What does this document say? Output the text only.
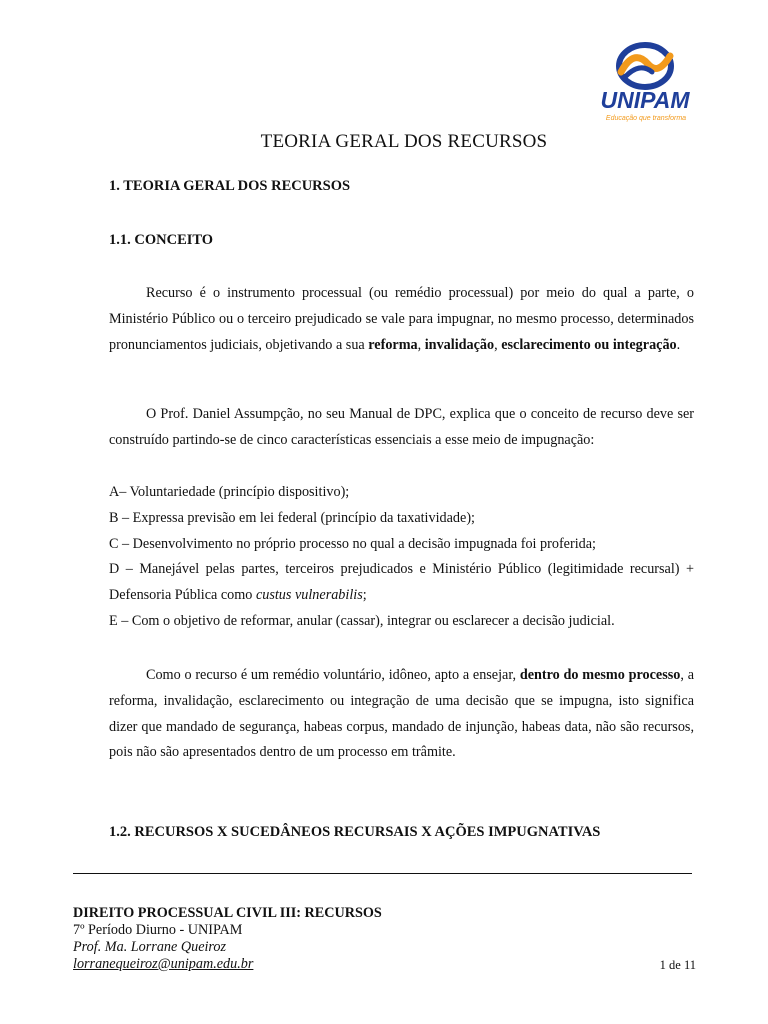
UNIPAM
Educação que transforma
TEORIA GERAL DOS RECURSOS
1. TEORIA GERAL DOS RECURSOS
1.1. CONCEITO

Recurso é o instrumento processual (ou remédio processual) por meio do qual a parte, o Ministério Público ou o terceiro prejudicado se vale para impugnar, no mesmo processo, determinados pronunciamentos judiciais, objetivando a sua reforma, invalidação, esclarecimento ou integração.

O Prof. Daniel Assumpção, no seu Manual de DPC, explica que o conceito de recurso deve ser construído partindo-se de cinco características essenciais a esse meio de impugnação:

A– Voluntariedade (princípio dispositivo);

B – Expressa previsão em lei federal (princípio da taxatividade);

C – Desenvolvimento no próprio processo no qual a decisão impugnada foi proferida;

D – Manejável pelas partes, terceiros prejudicados e Ministério Público (legitimidade recursal) + Defensoria Pública como custus vulnerabilis;

E – Com o objetivo de reformar, anular (cassar), integrar ou esclarecer a decisão judicial.

Como o recurso é um remédio voluntário, idôneo, apto a ensejar, dentro do mesmo processo, a reforma, invalidação, esclarecimento ou integração de uma decisão que se impugna, isto significa dizer que mandado de segurança, habeas corpus, mandado de injunção, habeas data, não são recursos, pois não são apresentados dentro de um processo em trâmite.

1.2. RECURSOS X SUCEDÂNEOS RECURSAIS X AÇÕES IMPUGNATIVAS
DIREITO PROCESSUAL CIVIL III: RECURSOS
7º Período Diurno - UNIPAM
Prof. Ma. Lorrane Queiroz
lorranequeiroz@unipam.edu.br	1 de 11
